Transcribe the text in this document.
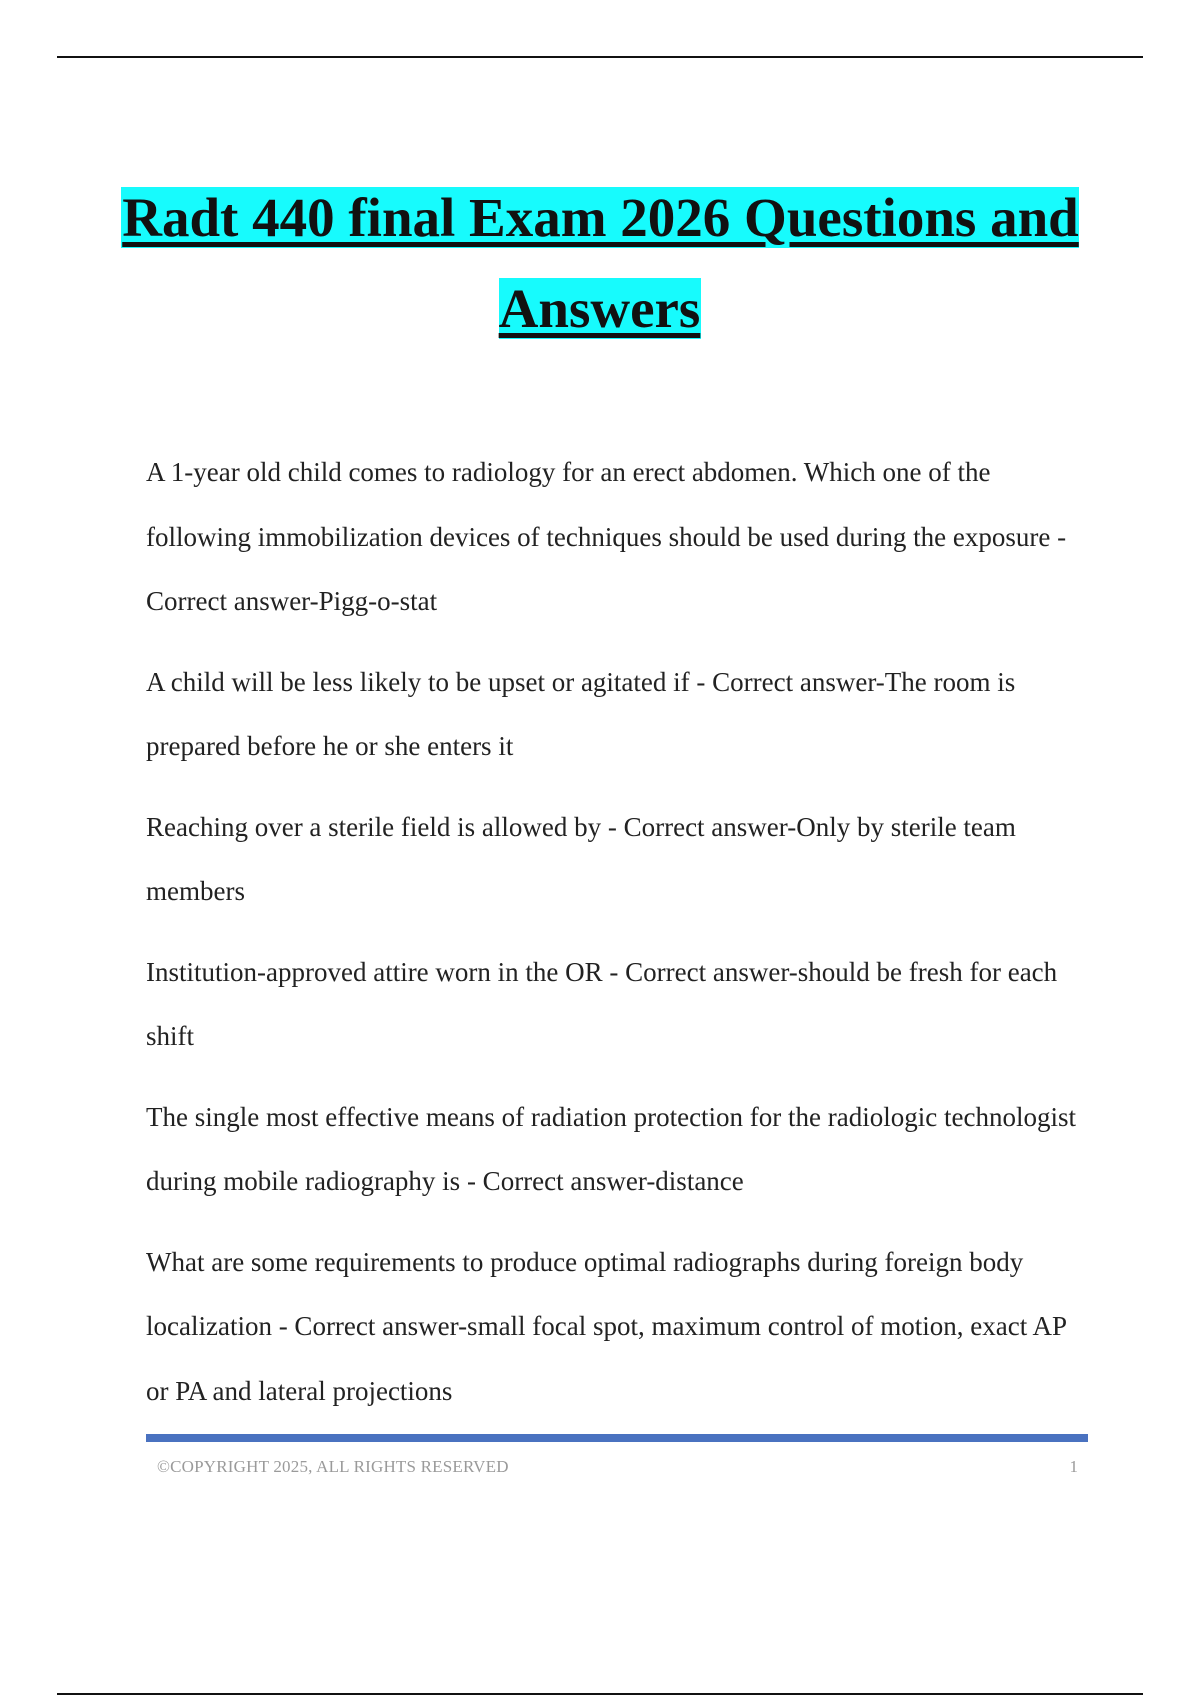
Radt 440 final Exam 2026 Questions and Answers

A 1-year old child comes to radiology for an erect abdomen. Which one of the following immobilization devices of techniques should be used during the exposure - Correct answer-Pigg-o-stat

A child will be less likely to be upset or agitated if - Correct answer-The room is prepared before he or she enters it

Reaching over a sterile field is allowed by - Correct answer-Only by sterile team members

Institution-approved attire worn in the OR - Correct answer-should be fresh for each shift

The single most effective means of radiation protection for the radiologic technologist during mobile radiography is - Correct answer-distance

What are some requirements to produce optimal radiographs during foreign body localization - Correct answer-small focal spot, maximum control of motion, exact AP or PA and lateral projections

©COPYRIGHT 2025, ALL RIGHTS RESERVED	1
